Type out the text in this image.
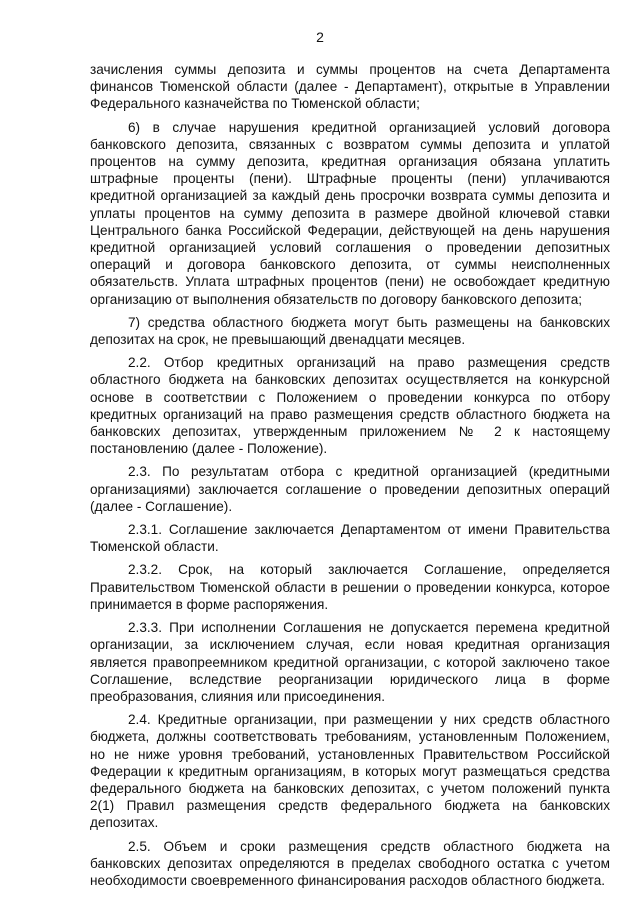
2

зачисления суммы депозита и суммы процентов на счета Департамента финансов Тюменской области (далее - Департамент), открытые в Управлении Федерального казначейства по Тюменской области;

6) в случае нарушения кредитной организацией условий договора банковского депозита, связанных с возвратом суммы депозита и уплатой процентов на сумму депозита, кредитная организация обязана уплатить штрафные проценты (пени). Штрафные проценты (пени) уплачиваются кредитной организацией за каждый день просрочки возврата суммы депозита и уплаты процентов на сумму депозита в размере двойной ключевой ставки Центрального банка Российской Федерации, действующей на день нарушения кредитной организацией условий соглашения о проведении депозитных операций и договора банковского депозита, от суммы неисполненных обязательств. Уплата штрафных процентов (пени) не освобождает кредитную организацию от выполнения обязательств по договору банковского депозита;

7) средства областного бюджета могут быть размещены на банковских депозитах на срок, не превышающий двенадцати месяцев.

2.2. Отбор кредитных организаций на право размещения средств областного бюджета на банковских депозитах осуществляется на конкурсной основе в соответствии с Положением о проведении конкурса по отбору кредитных организаций на право размещения средств областного бюджета на банковских депозитах, утвержденным приложением № 2 к настоящему постановлению (далее - Положение).

2.3. По результатам отбора с кредитной организацией (кредитными организациями) заключается соглашение о проведении депозитных операций (далее - Соглашение).

2.3.1. Соглашение заключается Департаментом от имени Правительства Тюменской области.

2.3.2. Срок, на который заключается Соглашение, определяется Правительством Тюменской области в решении о проведении конкурса, которое принимается в форме распоряжения.

2.3.3. При исполнении Соглашения не допускается перемена кредитной организации, за исключением случая, если новая кредитная организация является правопреемником кредитной организации, с которой заключено такое Соглашение, вследствие реорганизации юридического лица в форме преобразования, слияния или присоединения.

2.4. Кредитные организации, при размещении у них средств областного бюджета, должны соответствовать требованиям, установленным Положением, но не ниже уровня требований, установленных Правительством Российской Федерации к кредитным организациям, в которых могут размещаться средства федерального бюджета на банковских депозитах, с учетом положений пункта 2(1) Правил размещения средств федерального бюджета на банковских депозитах.

2.5. Объем и сроки размещения средств областного бюджета на банковских депозитах определяются в пределах свободного остатка с учетом необходимости своевременного финансирования расходов областного бюджета.
